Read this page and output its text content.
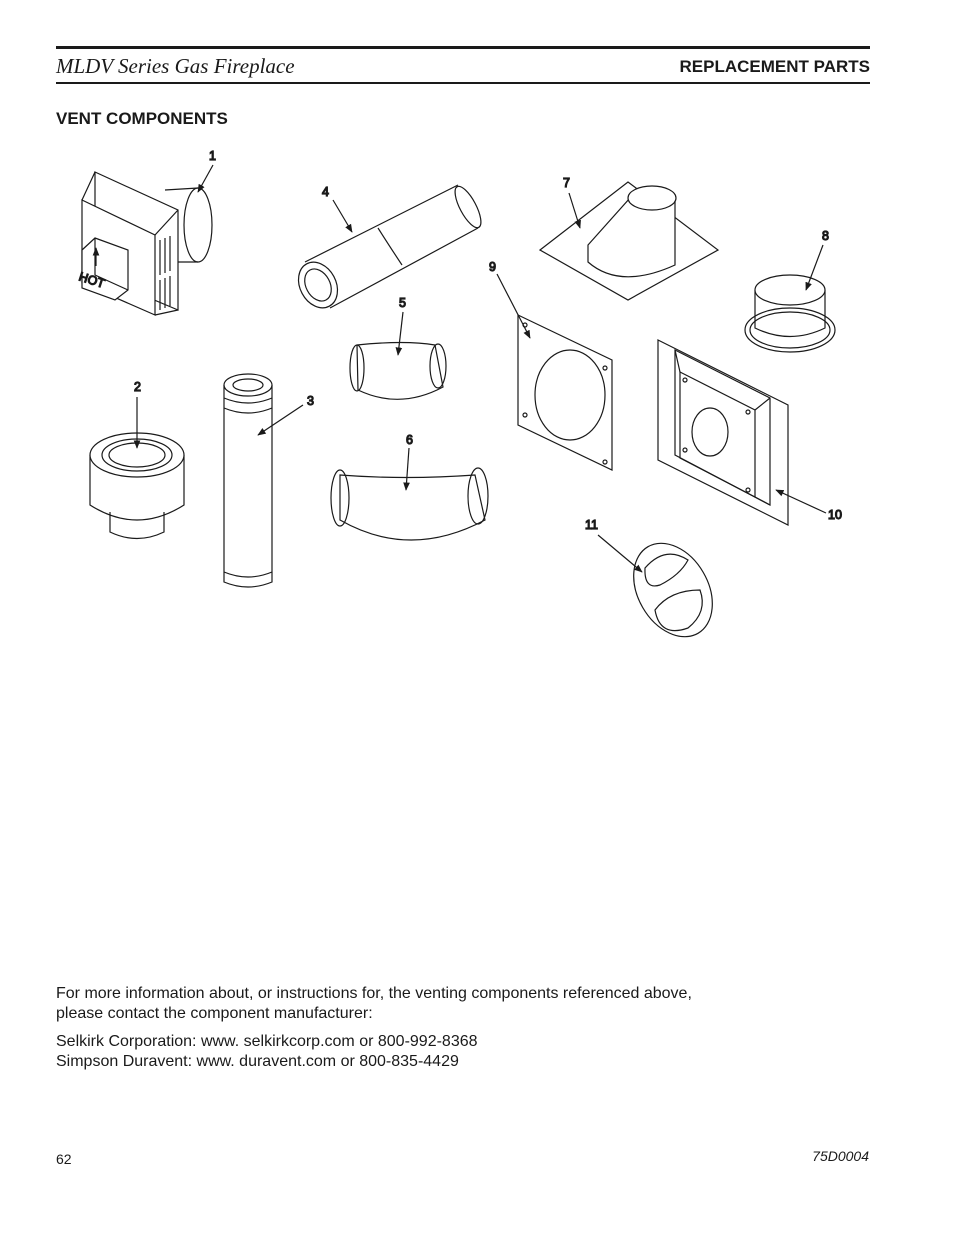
MLDV Series Gas Fireplace	REPLACEMENT PARTS
VENT COMPONENTS
HOT
1
2
3
4
5
6
7
8
9
10
11
For more information about, or instructions for, the venting components referenced above,
please contact the component manufacturer:
Selkirk Corporation: www. selkirkcorp.com or 800-992-8368
Simpson Duravent: www. duravent.com or 800-835-4429
62	75D0004
